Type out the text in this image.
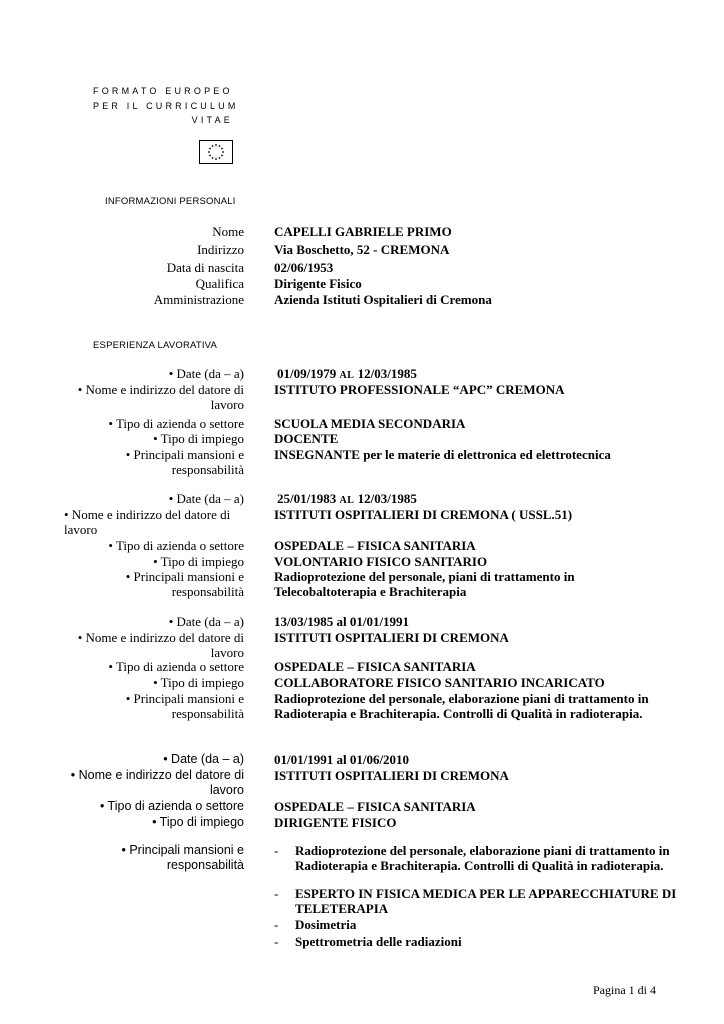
FORMATO EUROPEO
PER IL CURRICULUM
VITAE
INFORMAZIONI PERSONALI
Nome CAPELLI GABRIELE PRIMO
Indirizzo Via Boschetto, 52 - CREMONA
Data di nascita 02/06/1953
Qualifica Dirigente Fisico
Amministrazione Azienda Istituti Ospitalieri di Cremona
ESPERIENZA LAVORATIVA
• Date (da – a)	01/09/1979 AL 12/03/1985
• Nome e indirizzo del datore di lavoro
ISTITUTO PROFESSIONALE “APC” CREMONA
• Tipo di azienda o settore SCUOLA MEDIA SECONDARIA
• Tipo di impiego DOCENTE
• Principali mansioni e responsabilità
INSEGNANTE per le materie di elettronica ed elettrotecnica
• Date (da – a)	25/01/1983 AL 12/03/1985
• Nome e indirizzo del datore di lavoro
ISTITUTI OSPITALIERI DI CREMONA ( USSL.51)
• Tipo di azienda o settore OSPEDALE – FISICA SANITARIA
• Tipo di impiego VOLONTARIO FISICO SANITARIO
• Principali mansioni e responsabilità
Radioprotezione del personale, piani di trattamento in Telecobaltoterapia e Brachiterapia
• Date (da – a) 13/03/1985 al 01/01/1991
• Nome e indirizzo del datore di lavoro
ISTITUTI OSPITALIERI DI CREMONA
• Tipo di azienda o settore OSPEDALE – FISICA SANITARIA
• Tipo di impiego COLLABORATORE FISICO SANITARIO INCARICATO
• Principali mansioni e responsabilità
Radioprotezione del personale, elaborazione piani di trattamento in Radioterapia e Brachiterapia. Controlli di Qualità in radioterapia.
• Date (da – a) 01/01/1991 al 01/06/2010
• Nome e indirizzo del datore di lavoro
ISTITUTI OSPITALIERI DI CREMONA
• Tipo di azienda o settore OSPEDALE – FISICA SANITARIA
• Tipo di impiego DIRIGENTE FISICO
• Principali mansioni e responsabilità
- Radioprotezione del personale, elaborazione piani di trattamento in Radioterapia e Brachiterapia. Controlli di Qualità in radioterapia.
- ESPERTO IN FISICA MEDICA PER LE APPARECCHIATURE DI TELETERAPIA
- Dosimetria
- Spettrometria delle radiazioni
Pagina 1 di 4
